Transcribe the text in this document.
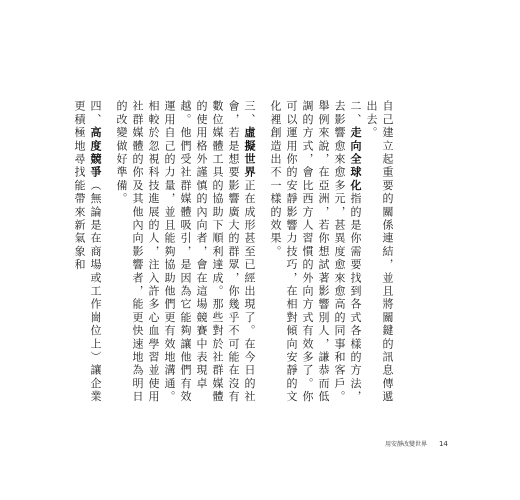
自己建立起重要的關係連結，並且將關鍵的訊息傳遞出去。

二、走向全球化指的是你需要找到各式各樣的方法，去影響愈來愈多元，甚異度愈來愈高的同事和客戶。舉例來說，在亞洲，若你想試著影響別人，謙恭而低調的方式，會比西方人習慣的外向方式有效多了。你可以運用你的安靜影響力技巧，在相對傾向安靜的文化裡創造出不一樣的效果。

三、虛擬世界正在成形甚至已經出現了。在今日的社會，若是想要影響廣大的群眾，你幾乎不可能在沒有數位媒體工具的協助下順利達成。那些對於社群媒體的使用格外謹慎的內向者，會在這場競賽中表現卓越。他們受社群媒體吸引，是因為它能夠讓他們有效運用自己的力量，並且能夠協助他們更有效地溝通。相較於忽視科技進展的人，注入許多心血學習並使用社群媒體的你及其他內向影響者，能更快速地為明日的改變做好準備。

四、高度競爭（無論是在商場或工作崗位上）讓企業更積極地尋找能帶來新氣象和

用安靜改變世界 14
